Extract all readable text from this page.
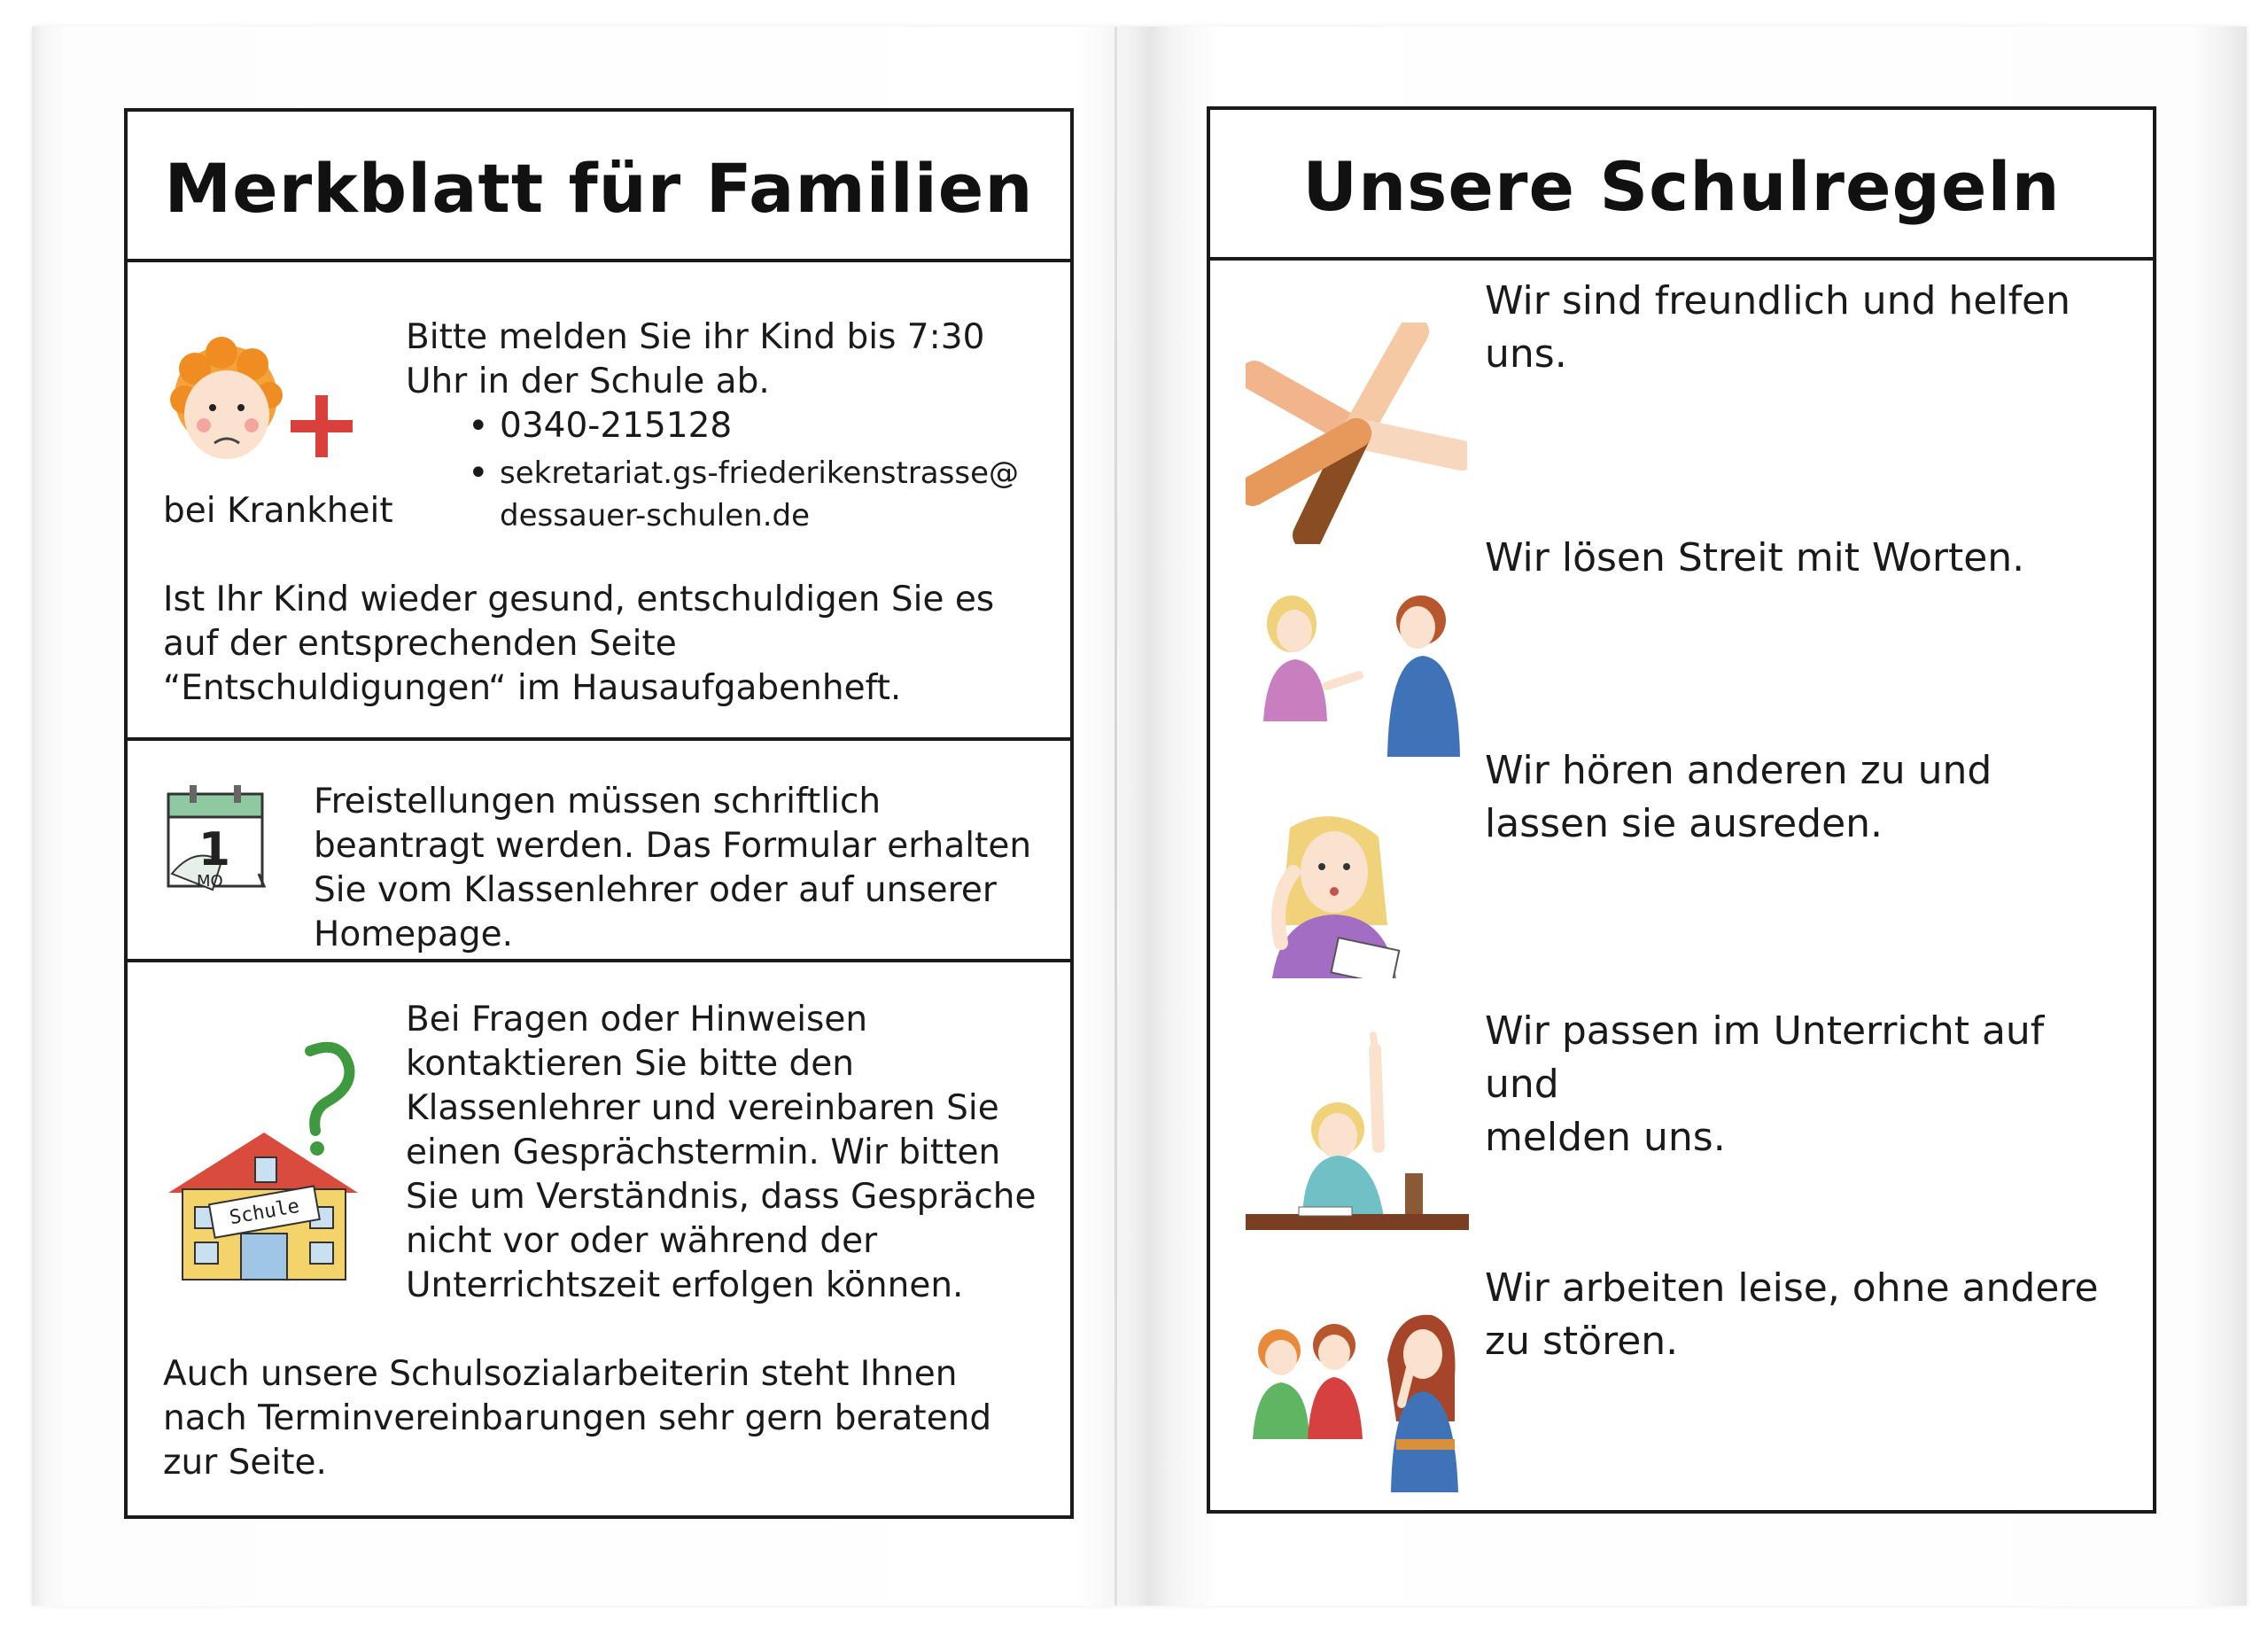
Merkblatt für Familien
bei Krankheit
Bitte melden Sie ihr Kind bis 7:30 Uhr in der Schule ab.
• 0340-215128
• sekretariat.gs-friederikenstrasse@
dessauer-schulen.de
Ist Ihr Kind wieder gesund, entschuldigen Sie es auf der entsprechenden Seite “Entschuldigungen“ im Hausaufgabenheft.
1
MO
Freistellungen müssen schriftlich beantragt werden. Das Formular erhalten Sie vom Klassenlehrer oder auf unserer Homepage.
Schule
Bei Fragen oder Hinweisen kontaktieren Sie bitte den Klassenlehrer und vereinbaren Sie einen Gesprächstermin. Wir bitten Sie um Verständnis, dass Gespräche nicht vor oder während der Unterrichtszeit erfolgen können.
Auch unsere Schulsozialarbeiterin steht Ihnen nach Terminvereinbarungen sehr gern beratend zur Seite.
Unsere Schulregeln
Wir sind freundlich und helfen
uns.
Wir lösen Streit mit Worten.
Wir hören anderen zu und
lassen sie ausreden.
Wir passen im Unterricht auf und
melden uns.
Wir arbeiten leise, ohne andere
zu stören.
